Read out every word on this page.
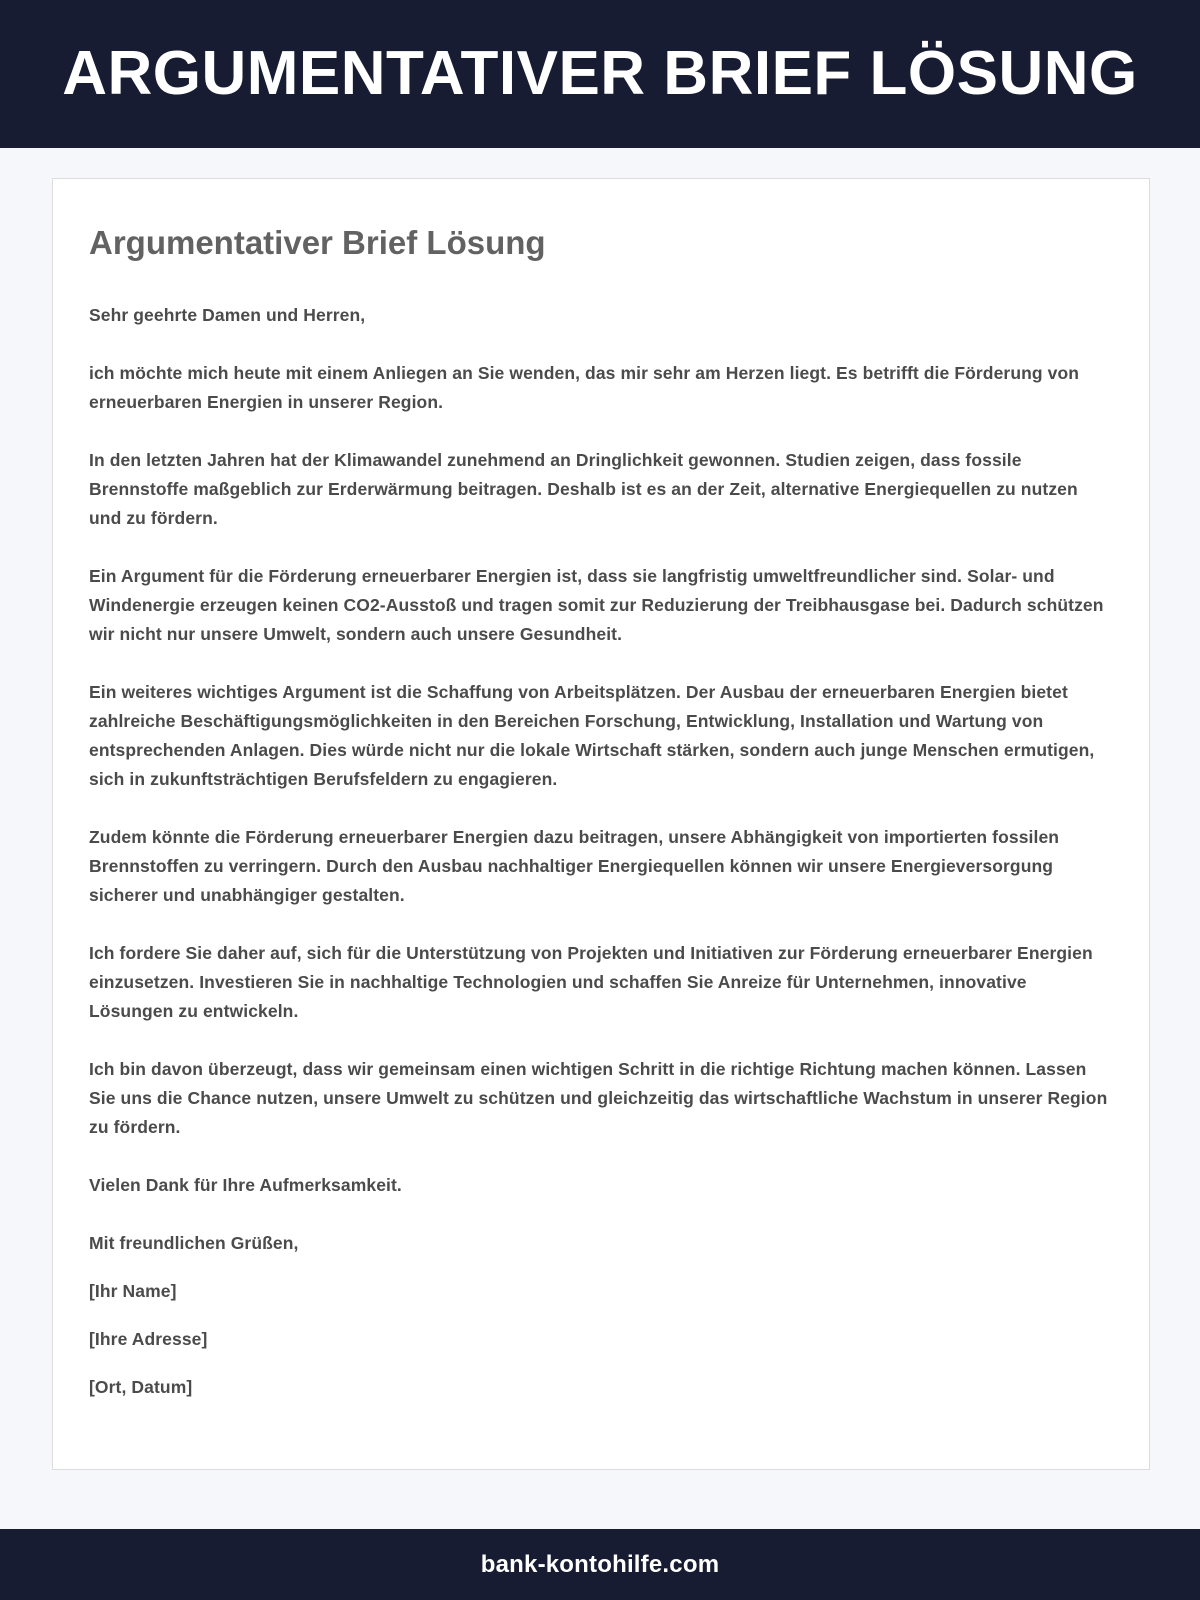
ARGUMENTATIVER BRIEF LÖSUNG
Argumentativer Brief Lösung

Sehr geehrte Damen und Herren,

ich möchte mich heute mit einem Anliegen an Sie wenden, das mir sehr am Herzen liegt. Es betrifft die Förderung von erneuerbaren Energien in unserer Region.

In den letzten Jahren hat der Klimawandel zunehmend an Dringlichkeit gewonnen. Studien zeigen, dass fossile Brennstoffe maßgeblich zur Erderwärmung beitragen. Deshalb ist es an der Zeit, alternative Energiequellen zu nutzen und zu fördern.

Ein Argument für die Förderung erneuerbarer Energien ist, dass sie langfristig umweltfreundlicher sind. Solar- und Windenergie erzeugen keinen CO2-Ausstoß und tragen somit zur Reduzierung der Treibhausgase bei. Dadurch schützen wir nicht nur unsere Umwelt, sondern auch unsere Gesundheit.

Ein weiteres wichtiges Argument ist die Schaffung von Arbeitsplätzen. Der Ausbau der erneuerbaren Energien bietet zahlreiche Beschäftigungsmöglichkeiten in den Bereichen Forschung, Entwicklung, Installation und Wartung von entsprechenden Anlagen. Dies würde nicht nur die lokale Wirtschaft stärken, sondern auch junge Menschen ermutigen, sich in zukunftsträchtigen Berufsfeldern zu engagieren.

Zudem könnte die Förderung erneuerbarer Energien dazu beitragen, unsere Abhängigkeit von importierten fossilen Brennstoffen zu verringern. Durch den Ausbau nachhaltiger Energiequellen können wir unsere Energieversorgung sicherer und unabhängiger gestalten.

Ich fordere Sie daher auf, sich für die Unterstützung von Projekten und Initiativen zur Förderung erneuerbarer Energien einzusetzen. Investieren Sie in nachhaltige Technologien und schaffen Sie Anreize für Unternehmen, innovative Lösungen zu entwickeln.

Ich bin davon überzeugt, dass wir gemeinsam einen wichtigen Schritt in die richtige Richtung machen können. Lassen Sie uns die Chance nutzen, unsere Umwelt zu schützen und gleichzeitig das wirtschaftliche Wachstum in unserer Region zu fördern.

Vielen Dank für Ihre Aufmerksamkeit.

Mit freundlichen Grüßen,

[Ihr Name]

[Ihre Adresse]

[Ort, Datum]

bank-kontohilfe.com
